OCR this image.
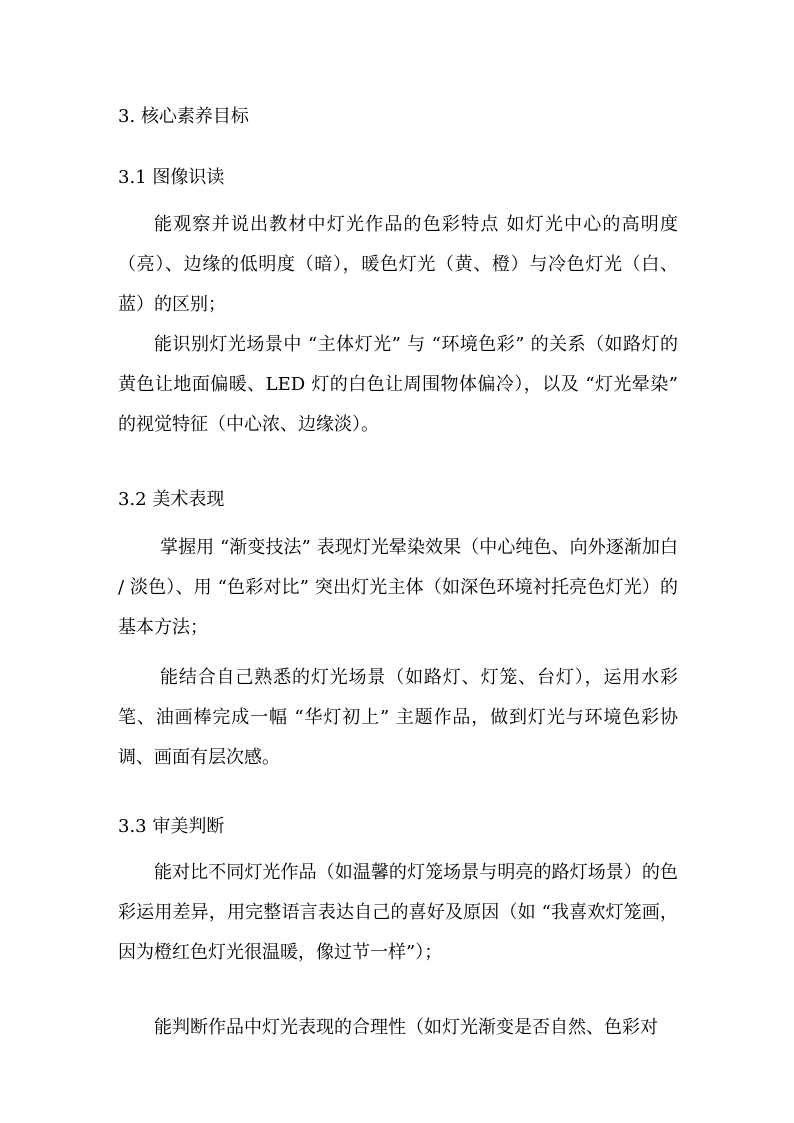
3. 核心素养目标
3.1 图像识读

能观察并说出教材中灯光作品的色彩特点 如灯光中心的高明度（亮）、边缘的低明度（暗），暖色灯光（黄、橙）与冷色灯光（白、蓝）的区别；

能识别灯光场景中 “主体灯光” 与 “环境色彩” 的关系（如路灯的黄色让地面偏暖、LED 灯的白色让周围物体偏冷），以及 “灯光晕染” 的视觉特征（中心浓、边缘淡）。

3.2 美术表现

掌握用 “渐变技法” 表现灯光晕染效果（中心纯色、向外逐渐加白 / 淡色）、用 “色彩对比” 突出灯光主体（如深色环境衬托亮色灯光）的基本方法；

能结合自己熟悉的灯光场景（如路灯、灯笼、台灯），运用水彩笔、油画棒完成一幅 “华灯初上” 主题作品，做到灯光与环境色彩协调、画面有层次感。

3.3 审美判断

能对比不同灯光作品（如温馨的灯笼场景与明亮的路灯场景）的色彩运用差异，用完整语言表达自己的喜好及原因（如 “我喜欢灯笼画，因为橙红色灯光很温暖，像过节一样”）；

能判断作品中灯光表现的合理性（如灯光渐变是否自然、色彩对
